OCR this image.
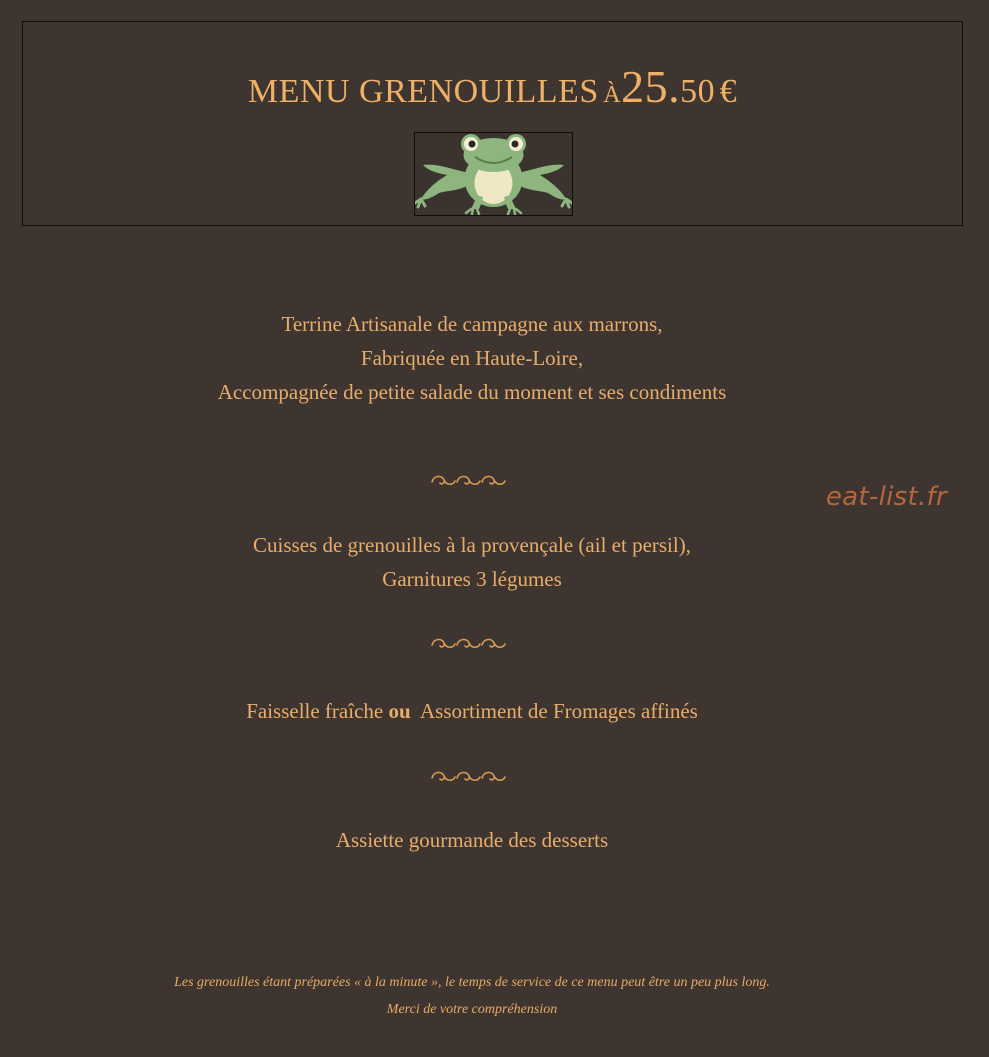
MENU GRENOUILLES à25.50 €
Terrine Artisanale de campagne aux marrons,
Fabriquée en Haute-Loire,
Accompagnée de petite salade du moment et ses condiments
eat-list.fr
Cuisses de grenouilles à la provençale (ail et persil),
Garnitures 3 légumes
Faisselle fraîche ou Assortiment de Fromages affinés
Assiette gourmande des desserts
Les grenouilles étant préparées « à la minute », le temps de service de ce menu peut être un peu plus long.
Merci de votre compréhension
